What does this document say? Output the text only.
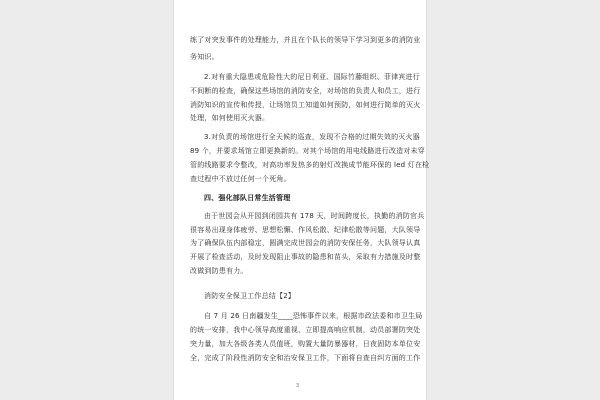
练了对突发事件的处理能力，并且在个队长的领导下学习到更多的消防业
务知识。
2.对有重大隐患或危险性大的尼日利亚、国际竹藤组织、菲律宾进行
不间断的检查，确保这些场馆的消防安全，对场馆的负责人和员工，进行
消防知识的宣传和传授，让场馆员工知道如何预防，如何进行简单的灭火
处理，如何使用灭火器。
3.对负责的场馆进行全天候的巡查，发现不合格的过期失效的灭火器
89 个，并要求场馆立即更换新的。对其个场馆的用电线路进行改造对未穿
管的线路要求令整改，对高功率发热多的射灯改换成节能环保的 led 灯在检
查过程中不放过任何一个死角。
四、强化部队日常生活管理
由于世园会从开园到闭园共有 178 天，时间跨度长，执勤的消防官兵
很容易出现身体疲劳、思想松懈、作风松散、纪律松散等问题，大队领导
为了确保队伍内部稳定，圆满完成世园会的消防安保任务，大队领导认真
开展了检查活动，及时发现阻止事故的隐患和苗头，采取有力措施及时整
改做到防患有力。
消防安全保卫工作总结【2】
自 7 月 26 日南疆发生____恐怖事件以来，根据市政法委和市卫生局
的统一安排，我中心领导高度重视，立即提高响应机制，动员部署防突处
突力量，加大各级各类人员值班，购置大量防暴器材，日夜固防本单位安
全，完成了阶段性消防安全和治安保卫工作，下面将自查自纠方面的工作
3
